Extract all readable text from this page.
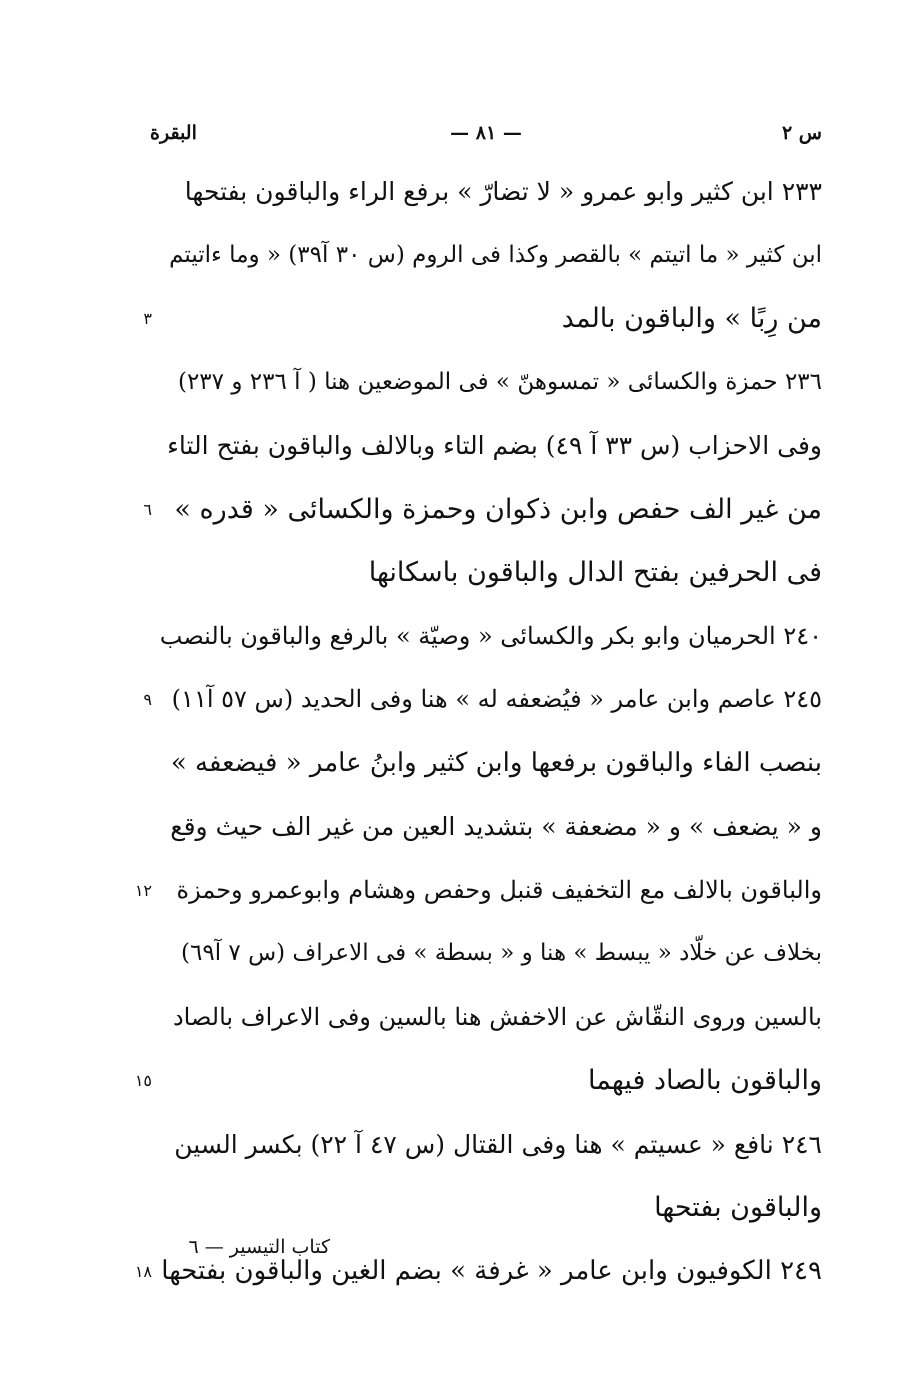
س ٢
— ٨١ —
البقرة
٢٣٣ ابن كثير وابو عمرو « لا تضارّ » برفع الراء والباقون بفتحها
ابن كثير « ما اتيتم » بالقصر وكذا فى الروم (س ٣٠ آ٣٩) « وما ءاتيتم
من رِبًا » والباقون بالمد
٣
٢٣٦ حمزة والكسائى « تمسوهنّ » فى الموضعين هنا ( آ ٢٣٦ و ٢٣٧)
وفى الاحزاب (س ٣٣ آ ٤٩) بضم التاء وبالالف والباقون بفتح التاء
من غير الف حفص وابن ذكوان وحمزة والكسائى « قدره »
٦
فى الحرفين بفتح الدال والباقون باسكانها
٢٤٠ الحرميان وابو بكر والكسائى « وصيّة » بالرفع والباقون بالنصب
٢٤٥ عاصم وابن عامر « فيُضعفه له » هنا وفى الحديد (س ٥٧ آ١١)
٩
بنصب الفاء والباقون برفعها وابن كثير وابنُ عامر « فيضعفه »
و « يضعف » و « مضعفة » بتشديد العين من غير الف حيث وقع
والباقون بالالف مع التخفيف قنبل وحفص وهشام وابوعمرو وحمزة
١٢
بخلاف عن خلّاد « يبسط » هنا و « بسطة » فى الاعراف (س ٧ آ٦٩)
بالسين وروى النقّاش عن الاخفش هنا بالسين وفى الاعراف بالصاد
والباقون بالصاد فيهما
١٥
٢٤٦ نافع « عسيتم » هنا وفى القتال (س ٤٧ آ ٢٢) بكسر السين
والباقون بفتحها
٢٤٩ الكوفيون وابن عامر « غرفة » بضم الغين والباقون بفتحها
١٨
كتاب التيسير — ٦
